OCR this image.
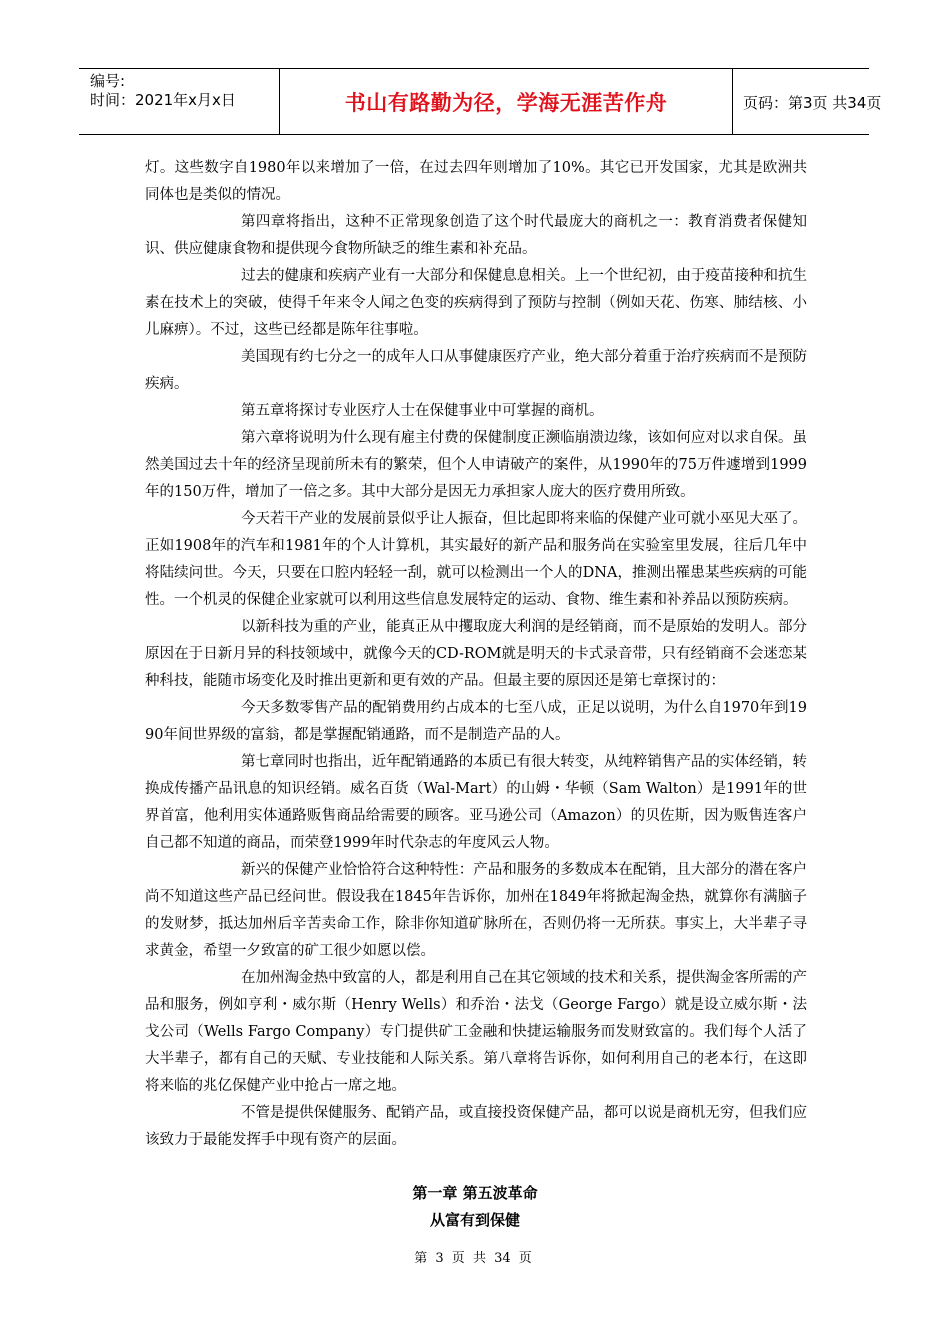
编号:
时间：2021年x月x日	书山有路勤为径，学海无涯苦作舟	页码：第3页 共34页

灯。这些数字自1980年以来增加了一倍，在过去四年则增加了10%。其它已开发国家，尤其是欧洲共同体也是类似的情况。

第四章将指出，这种不正常现象创造了这个时代最庞大的商机之一：教育消费者保健知识、供应健康食物和提供现今食物所缺乏的维生素和补充品。

过去的健康和疾病产业有一大部分和保健息息相关。上一个世纪初，由于疫苗接种和抗生素在技术上的突破，使得千年来令人闻之色变的疾病得到了预防与控制（例如天花、伤寒、肺结核、小儿麻痹）。不过，这些已经都是陈年往事啦。

美国现有约七分之一的成年人口从事健康医疗产业，绝大部分着重于治疗疾病而不是预防疾病。

第五章将探讨专业医疗人士在保健事业中可掌握的商机。

第六章将说明为什么现有雇主付费的保健制度正濒临崩溃边缘，该如何应对以求自保。虽然美国过去十年的经济呈现前所未有的繁荣，但个人申请破产的案件，从1990年的75万件遽增到1999年的150万件，增加了一倍之多。其中大部分是因无力承担家人庞大的医疗费用所致。

今天若干产业的发展前景似乎让人振奋，但比起即将来临的保健产业可就小巫见大巫了。正如1908年的汽车和1981年的个人计算机，其实最好的新产品和服务尚在实验室里发展，往后几年中将陆续问世。今天，只要在口腔内轻轻一刮，就可以检测出一个人的DNA，推测出罹患某些疾病的可能性。一个机灵的保健企业家就可以利用这些信息发展特定的运动、食物、维生素和补养品以预防疾病。

以新科技为重的产业，能真正从中攫取庞大利润的是经销商，而不是原始的发明人。部分原因在于日新月异的科技领域中，就像今天的CD-ROM就是明天的卡式录音带，只有经销商不会迷恋某种科技，能随市场变化及时推出更新和更有效的产品。但最主要的原因还是第七章探讨的：

今天多数零售产品的配销费用约占成本的七至八成，正足以说明，为什么自1970年到1990年间世界级的富翁，都是掌握配销通路，而不是制造产品的人。

第七章同时也指出，近年配销通路的本质已有很大转变，从纯粹销售产品的实体经销，转换成传播产品讯息的知识经销。威名百货（Wal-Mart）的山姆・华顿（Sam Walton）是1991年的世界首富，他利用实体通路贩售商品给需要的顾客。亚马逊公司（Amazon）的贝佐斯，因为贩售连客户自己都不知道的商品，而荣登1999年时代杂志的年度风云人物。

新兴的保健产业恰恰符合这种特性：产品和服务的多数成本在配销，且大部分的潜在客户尚不知道这些产品已经问世。假设我在1845年告诉你，加州在1849年将掀起淘金热，就算你有满脑子的发财梦，抵达加州后辛苦卖命工作，除非你知道矿脉所在，否则仍将一无所获。事实上，大半辈子寻求黄金，希望一夕致富的矿工很少如愿以偿。

在加州淘金热中致富的人，都是利用自己在其它领域的技术和关系，提供淘金客所需的产品和服务，例如亨利・威尔斯（Henry Wells）和乔治・法戈（George Fargo）就是设立威尔斯・法戈公司（Wells Fargo Company）专门提供矿工金融和快捷运输服务而发财致富的。我们每个人活了大半辈子，都有自己的天赋、专业技能和人际关系。第八章将告诉你，如何利用自己的老本行，在这即将来临的兆亿保健产业中抢占一席之地。

不管是提供保健服务、配销产品，或直接投资保健产品，都可以说是商机无穷，但我们应该致力于最能发挥手中现有资产的层面。

第一章 第五波革命
从富有到保健
第 3 页 共 34 页
